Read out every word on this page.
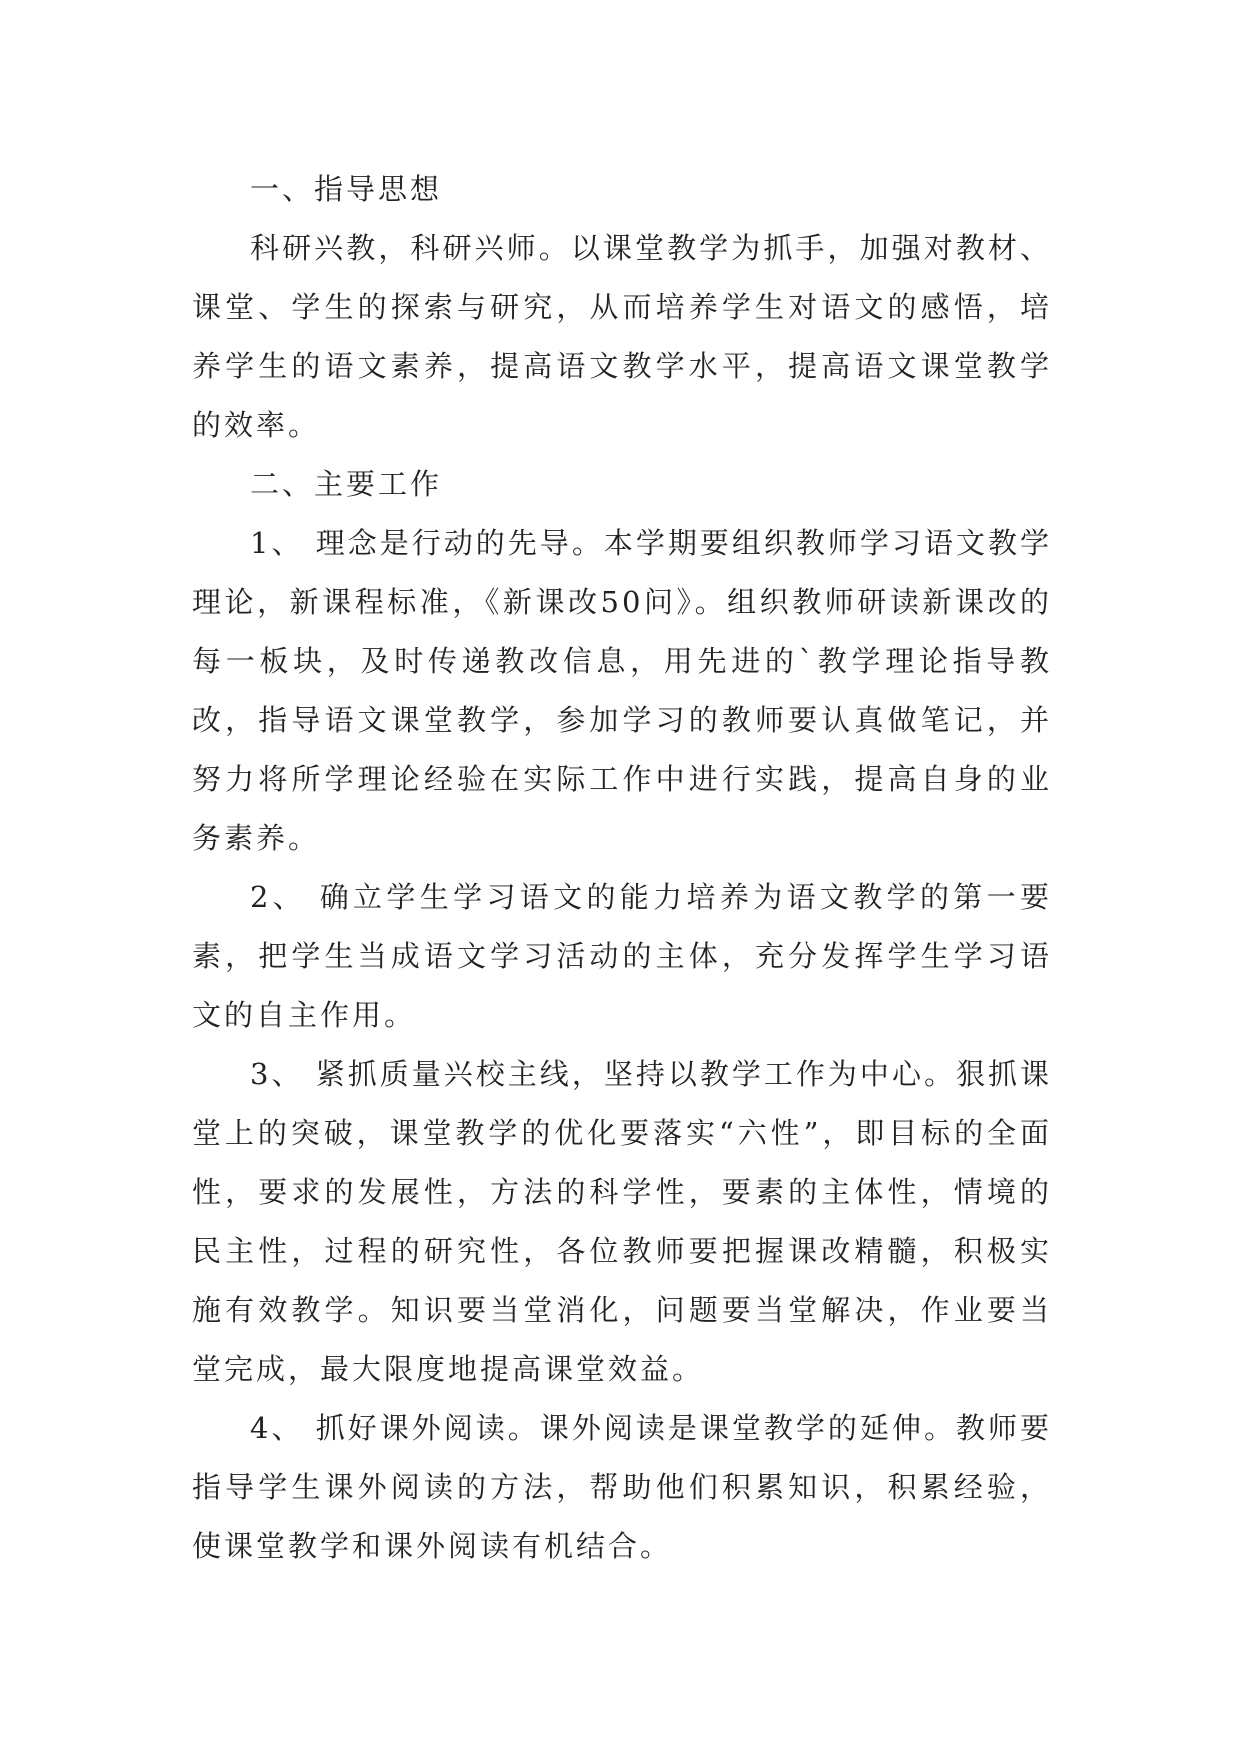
一、指导思想

科研兴教，科研兴师。以课堂教学为抓手，加强对教材、课堂、学生的探索与研究，从而培养学生对语文的感悟，培养学生的语文素养，提高语文教学水平，提高语文课堂教学的效率。

二、主要工作

1、 理念是行动的先导。本学期要组织教师学习语文教学理论，新课程标准，《新课改50问》。组织教师研读新课改的每一板块，及时传递教改信息，用先进的`教学理论指导教改，指导语文课堂教学，参加学习的教师要认真做笔记，并努力将所学理论经验在实际工作中进行实践，提高自身的业务素养。

2、 确立学生学习语文的能力培养为语文教学的第一要素，把学生当成语文学习活动的主体，充分发挥学生学习语文的自主作用。

3、 紧抓质量兴校主线，坚持以教学工作为中心。狠抓课堂上的突破，课堂教学的优化要落实“六性”，即目标的全面性，要求的发展性，方法的科学性，要素的主体性，情境的民主性，过程的研究性，各位教师要把握课改精髓，积极实施有效教学。知识要当堂消化，问题要当堂解决，作业要当堂完成，最大限度地提高课堂效益。

4、 抓好课外阅读。课外阅读是课堂教学的延伸。教师要指导学生课外阅读的方法，帮助他们积累知识，积累经验，使课堂教学和课外阅读有机结合。
